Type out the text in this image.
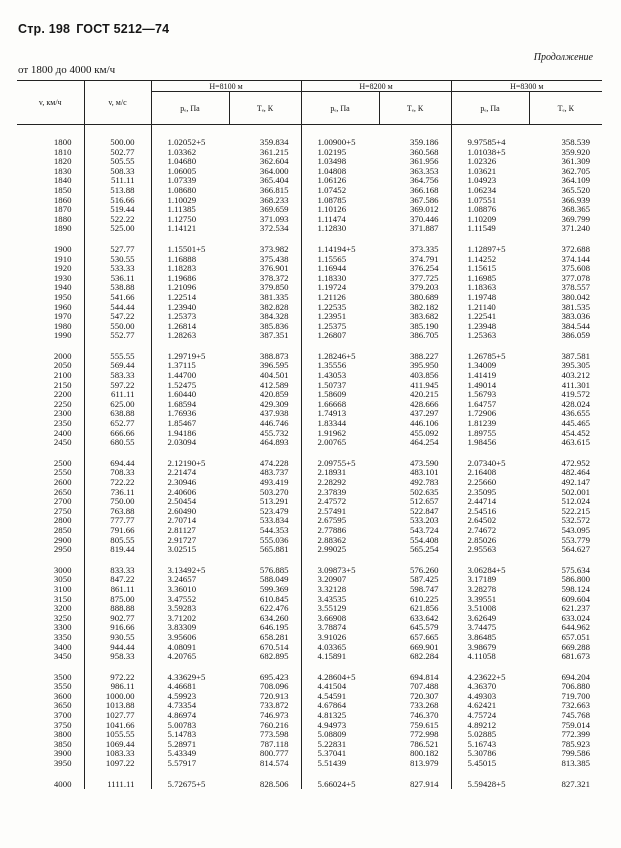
Стр. 198 ГОСТ 5212—74
Продолжение
от 1800 до 4000 км/ч
v, км/ч	v, м/с	H=8100 м		H=8200 м		H=8300 м	
		pₑ, Па	Tₑ, К	pₑ, Па	Tₑ, К	pₑ, Па	Tₑ, К
1800	500.00	1.02052+5	359.834	1.00900+5	359.186	9.97585+4	358.539
1810	502.77	1.03362	361.215	1.02195	360.568	1.01038+5	359.920
1820	505.55	1.04680	362.604	1.03498	361.956	1.02326	361.309
1830	508.33	1.06005	364.000	1.04808	363.353	1.03621	362.705
1840	511.11	1.07339	365.404	1.06126	364.756	1.04923	364.109
1850	513.88	1.08680	366.815	1.07452	366.168	1.06234	365.520
1860	516.66	1.10029	368.233	1.08785	367.586	1.07551	366.939
1870	519.44	1.11385	369.659	1.10126	369.012	1.08876	368.365
1880	522.22	1.12750	371.093	1.11474	370.446	1.10209	369.799
1890	525.00	1.14121	372.534	1.12830	371.887	1.11549	371.240

1900	527.77	1.15501+5	373.982	1.14194+5	373.335	1.12897+5	372.688
1910	530.55	1.16888	375.438	1.15565	374.791	1.14252	374.144
1920	533.33	1.18283	376.901	1.16944	376.254	1.15615	375.608
1930	536.11	1.19686	378.372	1.18330	377.725	1.16985	377.078
1940	538.88	1.21096	379.850	1.19724	379.203	1.18363	378.557
1950	541.66	1.22514	381.335	1.21126	380.689	1.19748	380.042
1960	544.44	1.23940	382.828	1.22535	382.182	1.21140	381.535
1970	547.22	1.25373	384.328	1.23951	383.682	1.22541	383.036
1980	550.00	1.26814	385.836	1.25375	385.190	1.23948	384.544
1990	552.77	1.28263	387.351	1.26807	386.705	1.25363	386.059

2000	555.55	1.29719+5	388.873	1.28246+5	388.227	1.26785+5	387.581
2050	569.44	1.37115	396.595	1.35556	395.950	1.34009	395.305
2100	583.33	1.44700	404.501	1.43053	403.856	1.41419	403.212
2150	597.22	1.52475	412.589	1.50737	411.945	1.49014	411.301
2200	611.11	1.60440	420.859	1.58609	420.215	1.56793	419.572
2250	625.00	1.68594	429.309	1.66668	428.666	1.64757	428.024
2300	638.88	1.76936	437.938	1.74913	437.297	1.72906	436.655
2350	652.77	1.85467	446.746	1.83344	446.106	1.81239	445.465
2400	666.66	1.94186	455.732	1.91962	455.092	1.89755	454.452
2450	680.55	2.03094	464.893	2.00765	464.254	1.98456	463.615

2500	694.44	2.12190+5	474.228	2.09755+5	473.590	2.07340+5	472.952
2550	708.33	2.21474	483.737	2.18931	483.101	2.16408	482.464
2600	722.22	2.30946	493.419	2.28292	492.783	2.25660	492.147
2650	736.11	2.40606	503.270	2.37839	502.635	2.35095	502.001
2700	750.00	2.50454	513.291	2.47572	512.657	2.44714	512.024
2750	763.88	2.60490	523.479	2.57491	522.847	2.54516	522.215
2800	777.77	2.70714	533.834	2.67595	533.203	2.64502	532.572
2850	791.66	2.81127	544.353	2.77886	543.724	2.74672	543.095
2900	805.55	2.91727	555.036	2.88362	554.408	2.85026	553.779
2950	819.44	3.02515	565.881	2.99025	565.254	2.95563	564.627

3000	833.33	3.13492+5	576.885	3.09873+5	576.260	3.06284+5	575.634
3050	847.22	3.24657	588.049	3.20907	587.425	3.17189	586.800
3100	861.11	3.36010	599.369	3.32128	598.747	3.28278	598.124
3150	875.00	3.47552	610.845	3.43535	610.225	3.39551	609.604
3200	888.88	3.59283	622.476	3.55129	621.856	3.51008	621.237
3250	902.77	3.71202	634.260	3.66908	633.642	3.62649	633.024
3300	916.66	3.83309	646.195	3.78874	645.579	3.74475	644.962
3350	930.55	3.95606	658.281	3.91026	657.665	3.86485	657.051
3400	944.44	4.08091	670.514	4.03365	669.901	3.98679	669.288
3450	958.33	4.20765	682.895	4.15891	682.284	4.11058	681.673

3500	972.22	4.33629+5	695.423	4.28604+5	694.814	4.23622+5	694.204
3550	986.11	4.46681	708.096	4.41504	707.488	4.36370	706.880
3600	1000.00	4.59923	720.913	4.54591	720.307	4.49303	719.700
3650	1013.88	4.73354	733.872	4.67864	733.268	4.62421	732.663
3700	1027.77	4.86974	746.973	4.81325	746.370	4.75724	745.768
3750	1041.66	5.00783	760.216	4.94973	759.615	4.89212	759.014
3800	1055.55	5.14783	773.598	5.08809	772.998	5.02885	772.399
3850	1069.44	5.28971	787.118	5.22831	786.521	5.16743	785.923
3900	1083.33	5.43349	800.777	5.37041	800.182	5.30786	799.586
3950	1097.22	5.57917	814.574	5.51439	813.979	5.45015	813.385

4000	1111.11	5.72675+5	828.506	5.66024+5	827.914	5.59428+5	827.321
